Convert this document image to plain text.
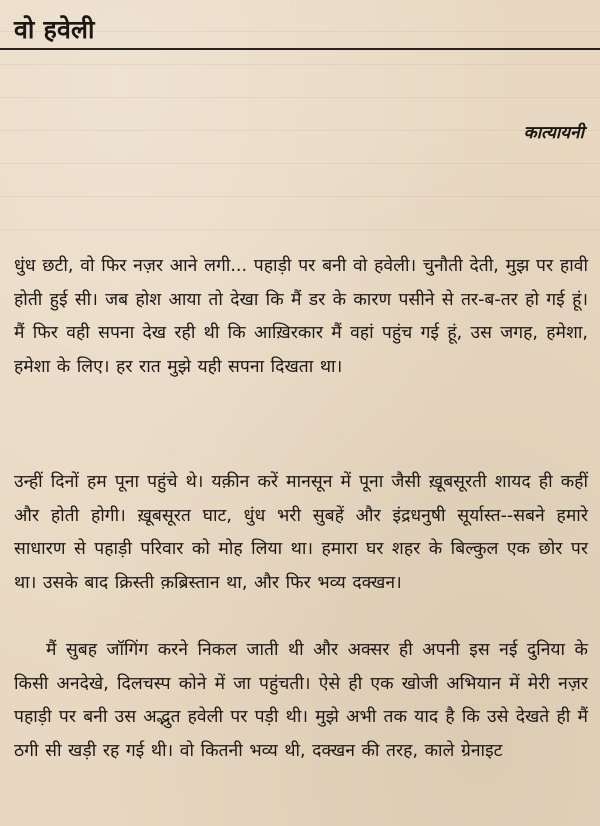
वो हवेली
कात्यायनी

धुंध छटी, वो फिर नज़र आने लगी... पहाड़ी पर बनी वो हवेली। चुनौती देती, मुझ पर हावी होती हुई सी। जब होश आया तो देखा कि मैं डर के कारण पसीने से तर-ब-तर हो गई हूं। मैं फिर वही सपना देख रही थी कि आख़िरकार मैं वहां पहुंच गई हूं, उस जगह, हमेशा, हमेशा के लिए। हर रात मुझे यही सपना दिखता था।

उन्हीं दिनों हम पूना पहुंचे थे। यक़ीन करें मानसून में पूना जैसी ख़ूबसूरती शायद ही कहीं और होती होगी। ख़ूबसूरत घाट, धुंध भरी सुबहें और इंद्रधनुषी सूर्यास्त--सबने हमारे साधारण से पहाड़ी परिवार को मोह लिया था। हमारा घर शहर के बिल्कुल एक छोर पर था। उसके बाद क्रिस्ती क़ब्रिस्तान था, और फिर भव्य दक्खन।

मैं सुबह जॉगिंग करने निकल जाती थी और अक्सर ही अपनी इस नई दुनिया के किसी अनदेखे, दिलचस्प कोने में जा पहुंचती। ऐसे ही एक खोजी अभियान में मेरी नज़र पहाड़ी पर बनी उस अद्भुत हवेली पर पड़ी थी। मुझे अभी तक याद है कि उसे देखते ही मैं ठगी सी खड़ी रह गई थी। वो कितनी भव्य थी, दक्खन की तरह, काले ग्रेनाइट
